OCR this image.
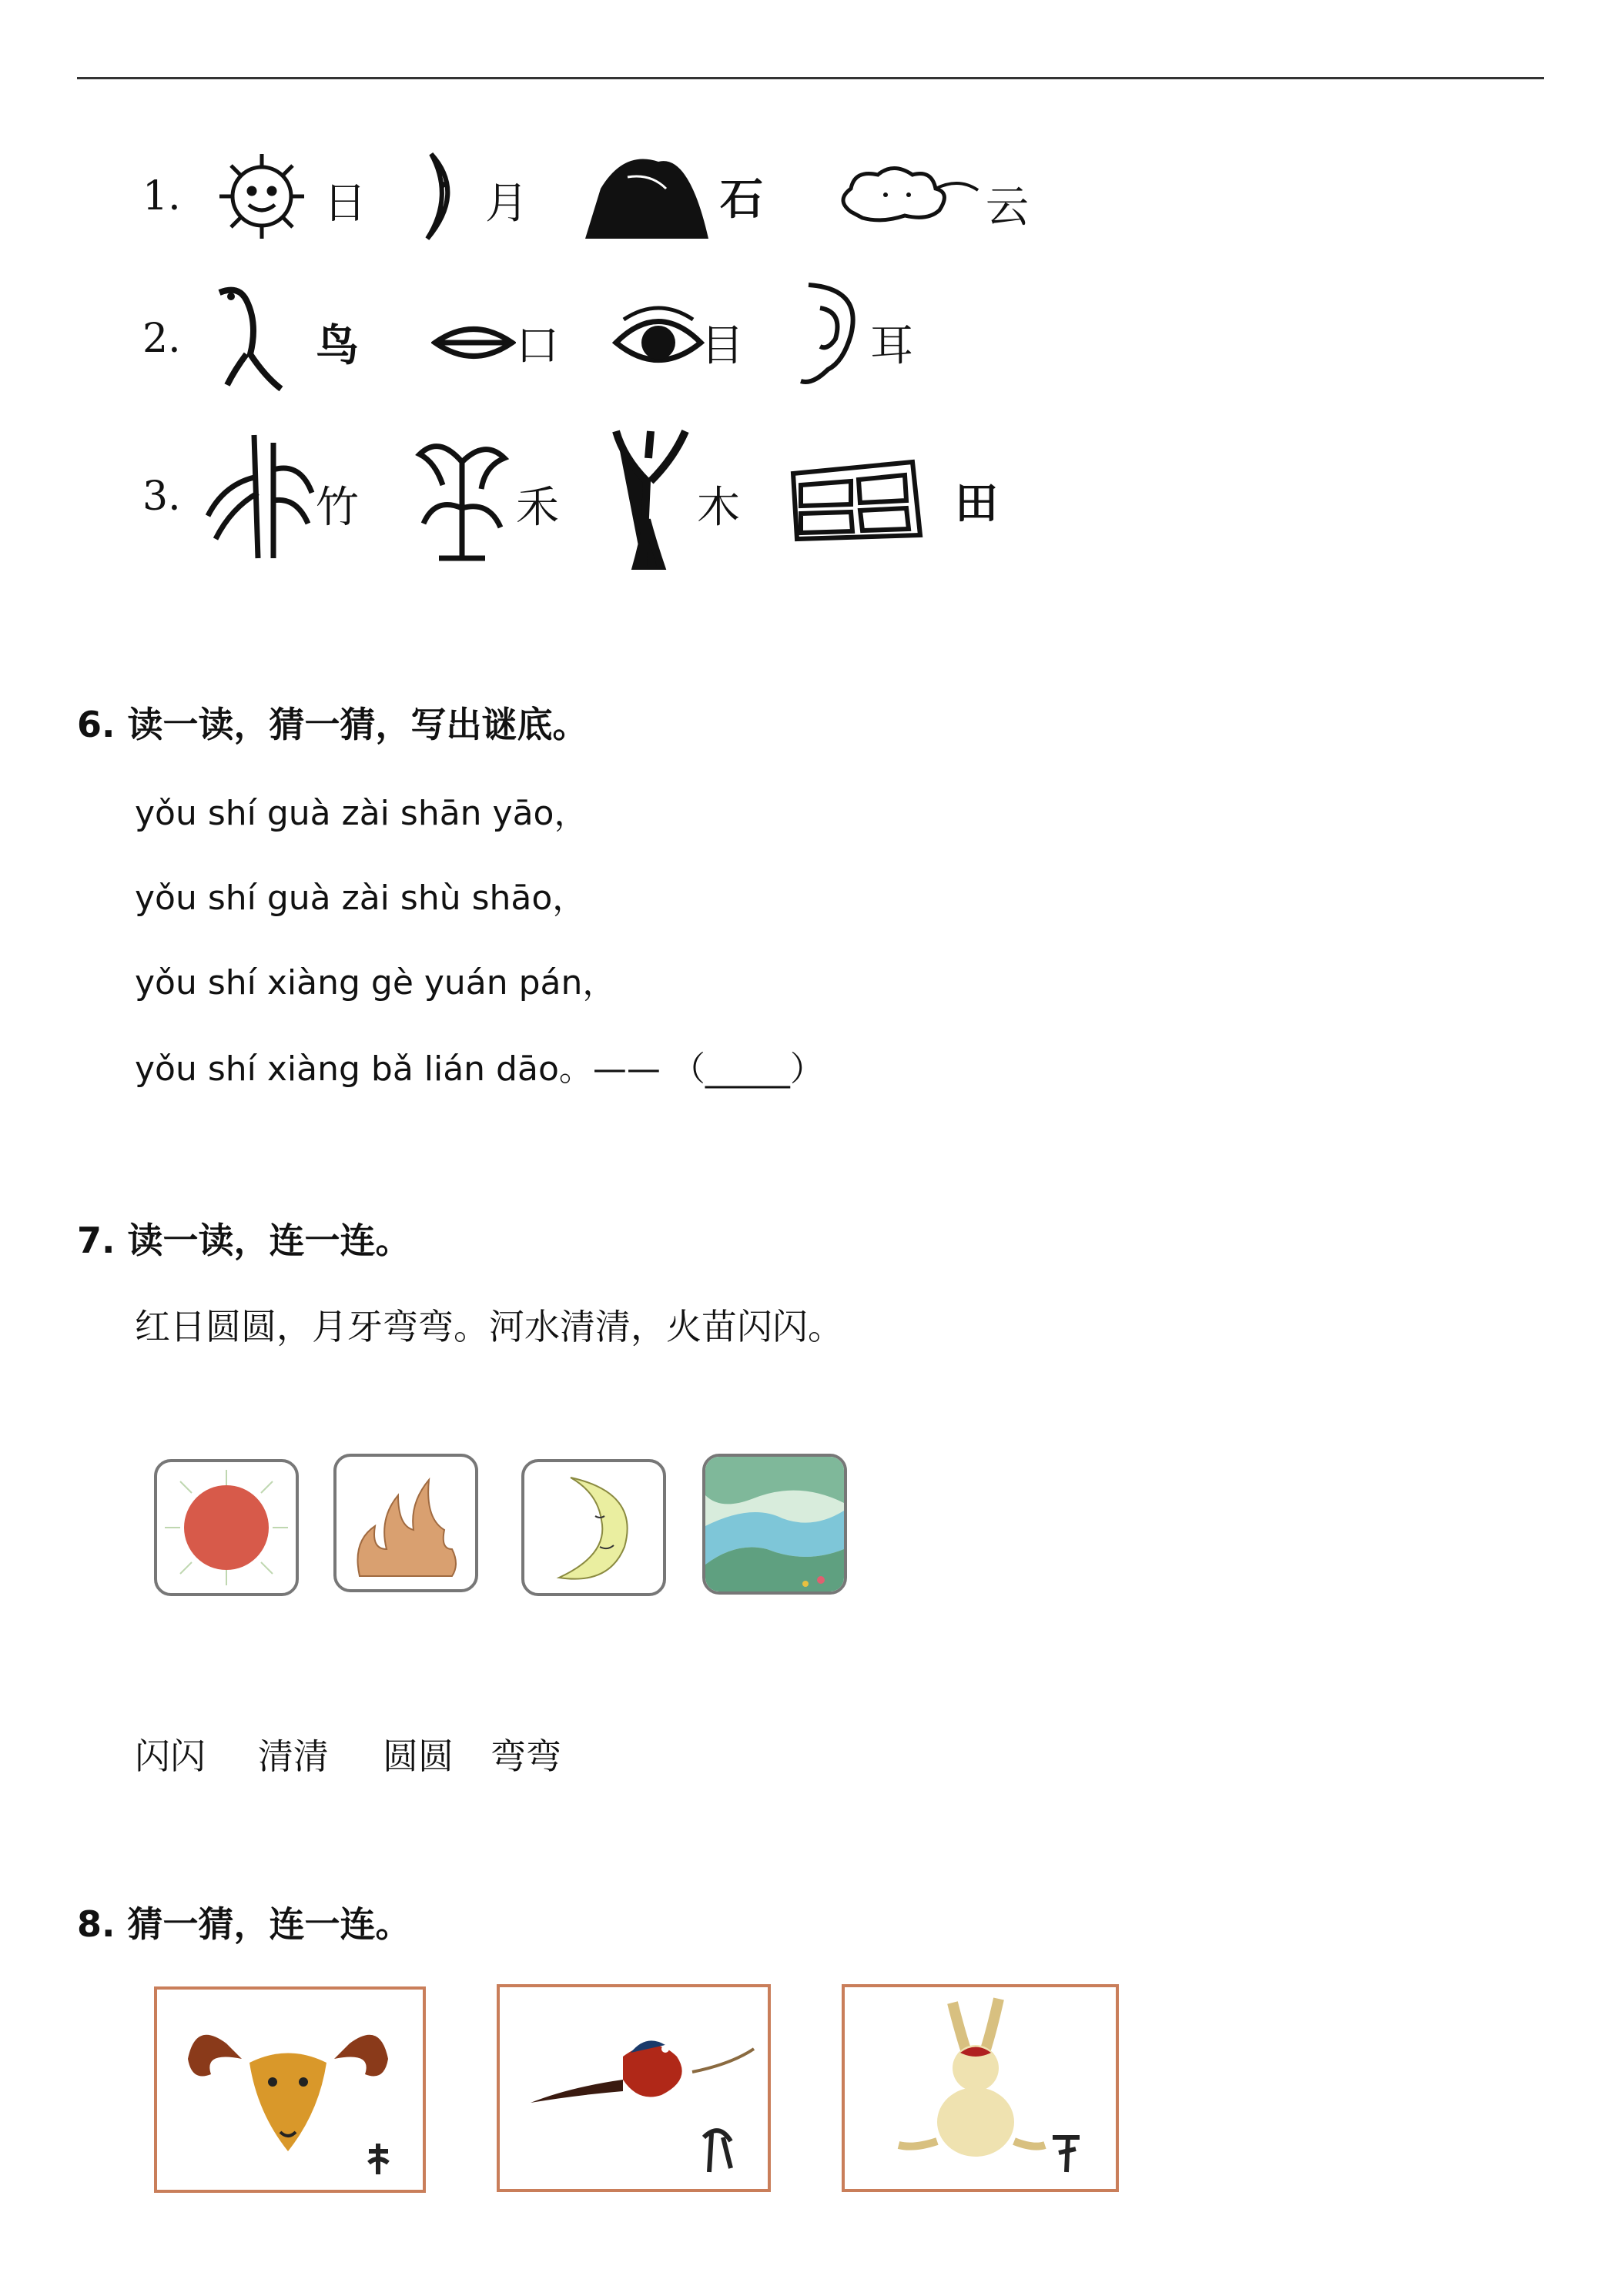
1.	日	月	石	云
2.	鸟	口	目	耳
3.	竹	禾	木	田
6. 读一读，猜一猜，写出谜底。
yǒu shí guà zài shān yāo，
yǒu shí guà zài shù shāo，
yǒu shí xiàng gè yuán pán，
yǒu shí xiàng bǎ lián dāo。—— （_____）
7. 读一读，连一连。
红日圆圆，月牙弯弯。河水清清，火苗闪闪。
闪闪 清清 圆圆 弯弯
8. 猜一猜，连一连。
